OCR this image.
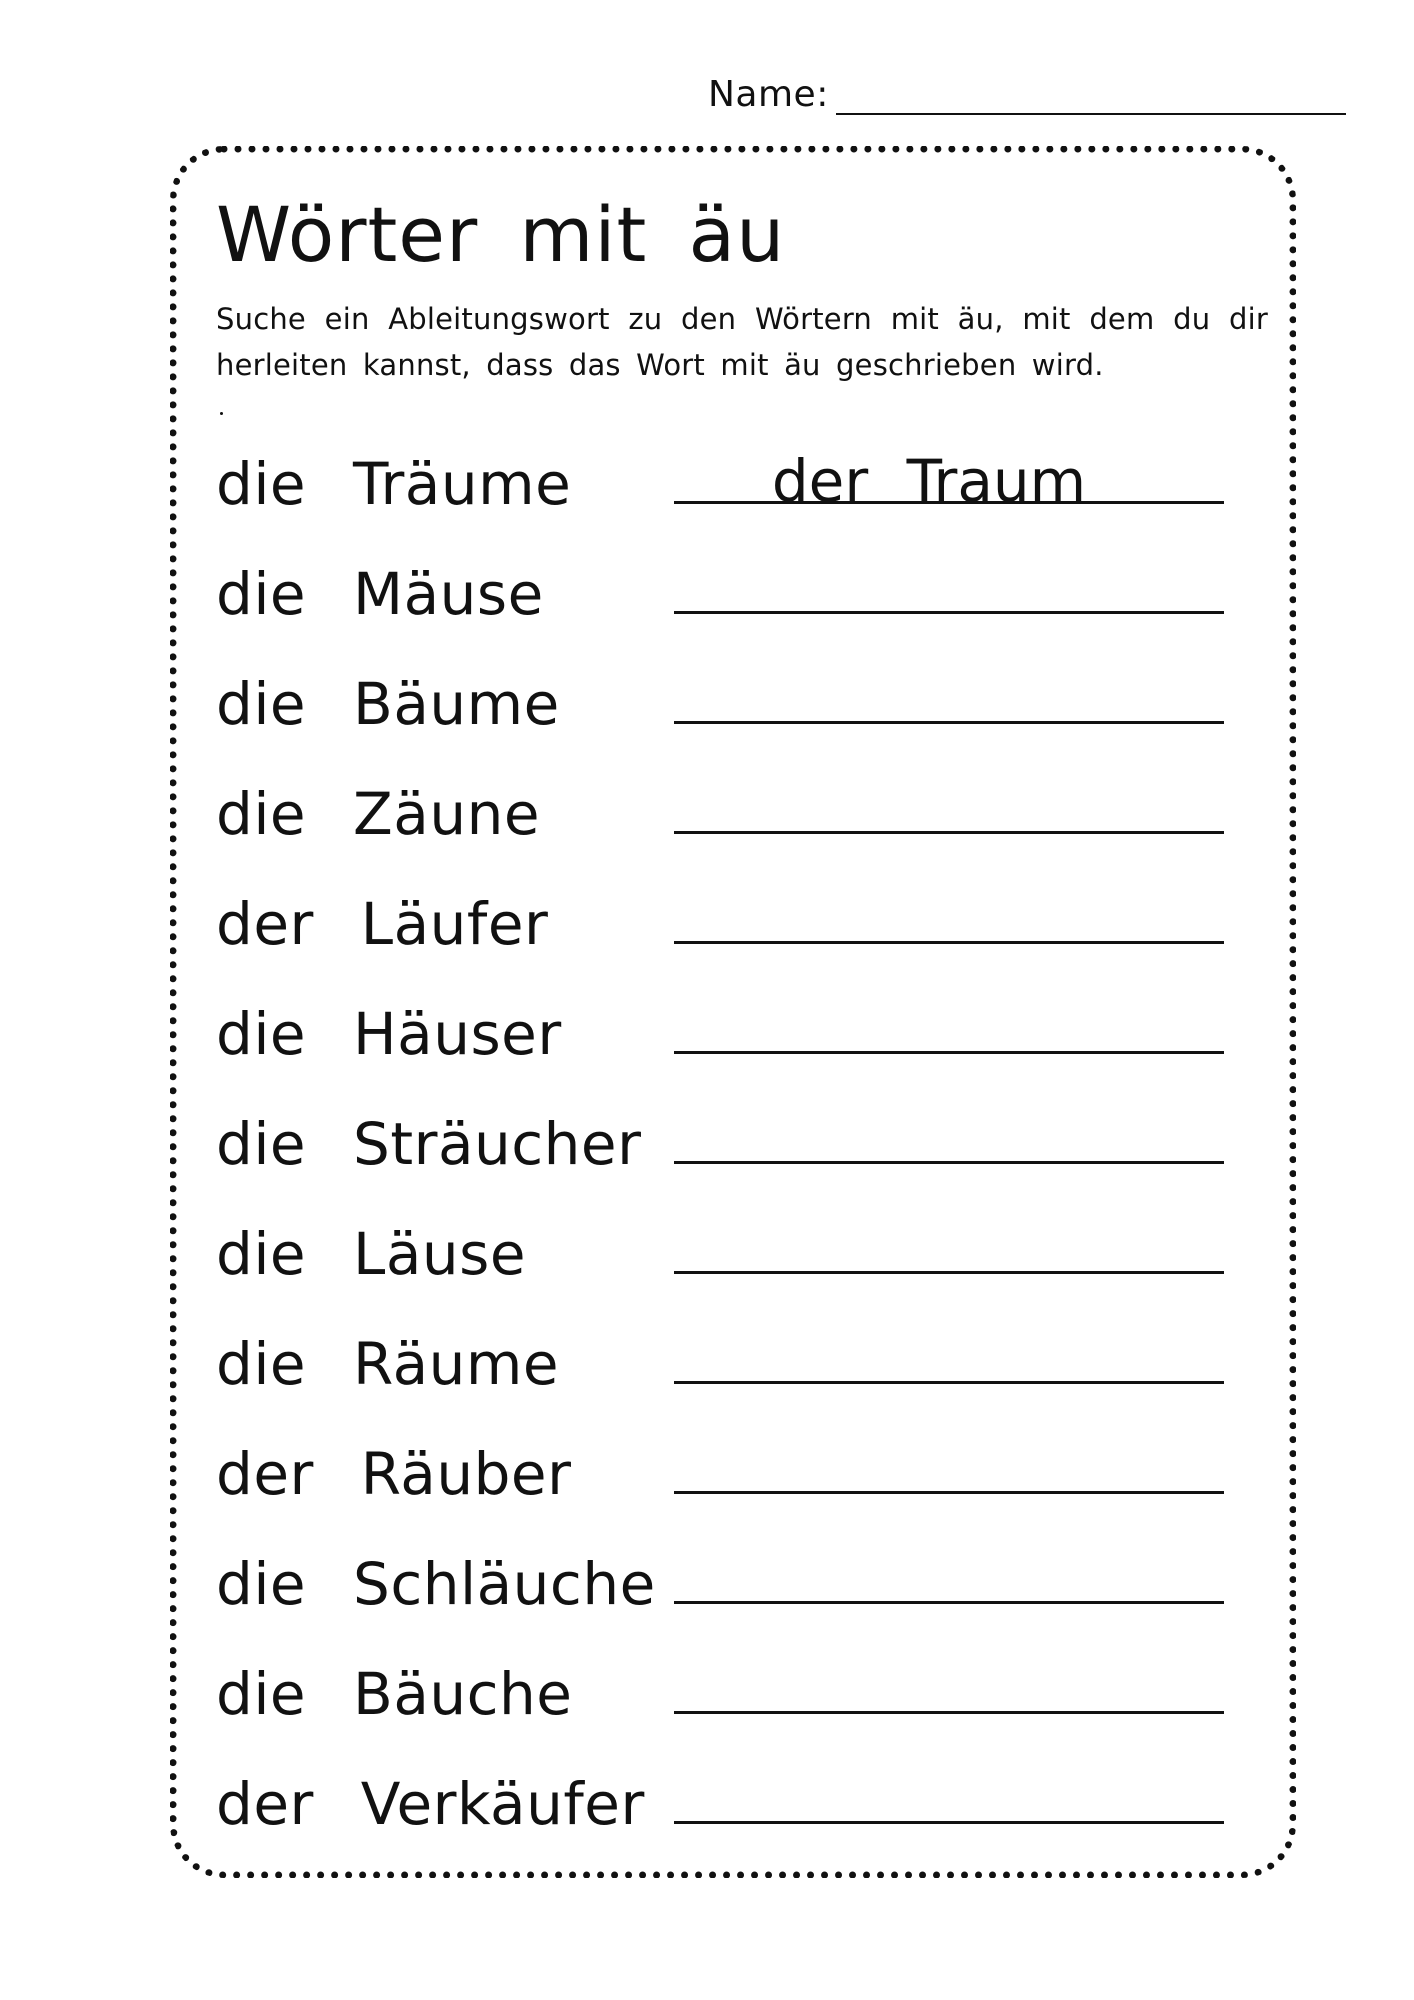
Name:
Wörter mit äu
Suche ein Ableitungswort zu den Wörtern mit äu, mit dem du dir herleiten kannst, dass das Wort mit äu geschrieben wird.
die Träume	der Traum
die Mäuse
die Bäume
die Zäune
der Läufer
die Häuser
die Sträucher
die Läuse
die Räume
der Räuber
die Schläuche
die Bäuche
der Verkäufer
